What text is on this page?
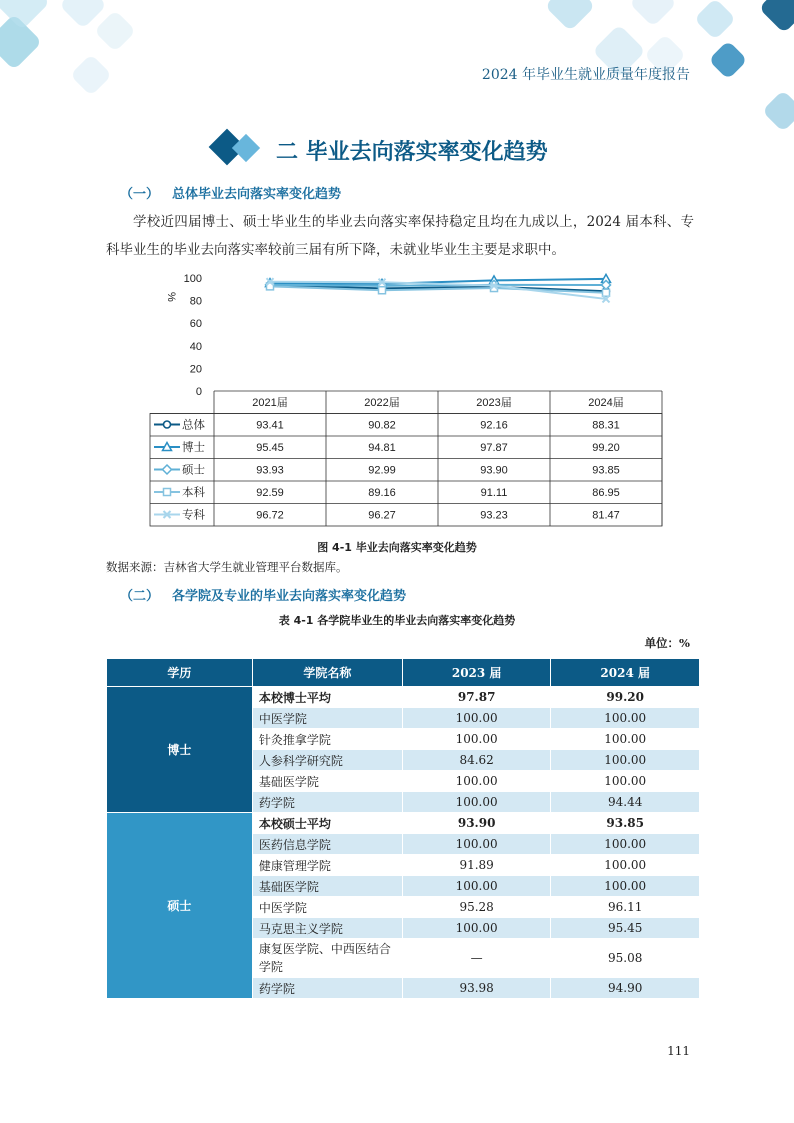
2024 年毕业生就业质量年度报告
二 毕业去向落实率变化趋势
（一） 总体毕业去向落实率变化趋势
学校近四届博士、硕士毕业生的毕业去向落实率保持稳定且均在九成以上，2024 届本科、专科毕业生的毕业去向落实率较前三届有所下降，未就业毕业生主要是求职中。
0
20
40
60
80
100
%
2021届	2022届	2023届	2024届
总体	93.41	90.82	92.16	88.31
博士	95.45	94.81	97.87	99.20
硕士	93.93	92.99	93.90	93.85
本科	92.59	89.16	91.11	86.95
专科	96.72	96.27	93.23	81.47
图 4-1 毕业去向落实率变化趋势
数据来源：吉林省大学生就业管理平台数据库。
（二） 各学院及专业的毕业去向落实率变化趋势
表 4-1 各学院毕业生的毕业去向落实率变化趋势
单位：%
学历	学院名称	2023 届	2024 届
博士	本校博士平均	97.87	99.20
	中医学院	100.00	100.00
	针灸推拿学院	100.00	100.00
	人参科学研究院	84.62	100.00
	基础医学院	100.00	100.00
	药学院	100.00	94.44
硕士	本校硕士平均	93.90	93.85
	医药信息学院	100.00	100.00
	健康管理学院	91.89	100.00
	基础医学院	100.00	100.00
	中医学院	95.28	96.11
	马克思主义学院	100.00	95.45
	康复医学院、中西医结合学院	—	95.08
	药学院	93.98	94.90
111
